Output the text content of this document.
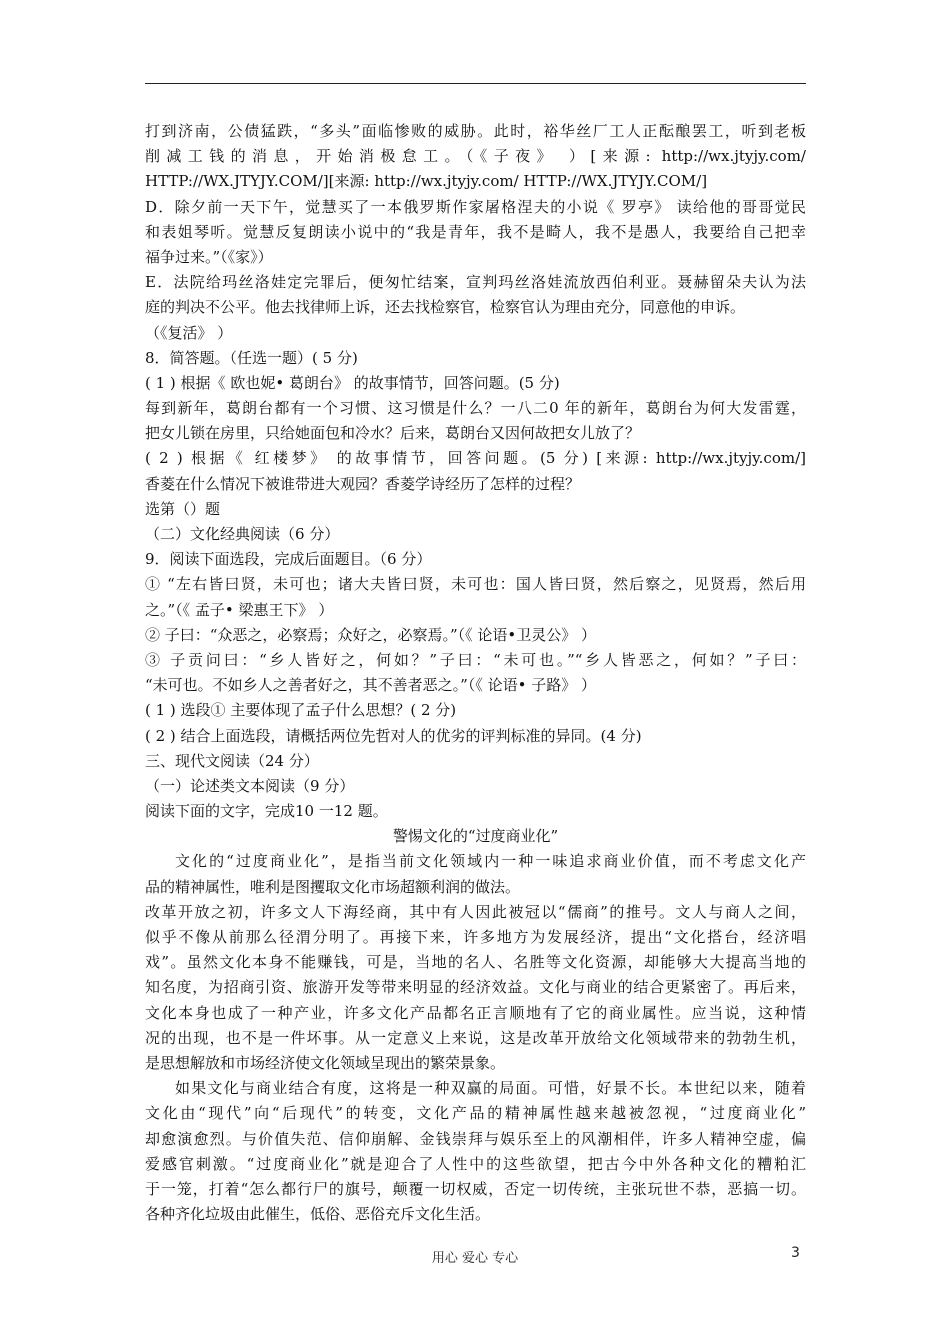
打到济南，公债猛跌，“多头”面临惨败的威胁。此时，裕华丝厂工人正酝酿罢工，听到老板
削减工钱的消息，开始消极怠工。（《子夜》 ）[来源: http://wx.jtyjy.com/
HTTP://WX.JTYJY.COM/][来源: http://wx.jtyjy.com/ HTTP://WX.JTYJY.COM/]
D．除夕前一天下午，觉慧买了一本俄罗斯作家屠格涅夫的小说《 罗亭》 读给他的哥哥觉民
和表姐琴听。觉慧反复朗读小说中的“我是青年，我不是畸人，我不是愚人，我要给自己把幸
福争过来。”（《家》）
E．法院给玛丝洛娃定完罪后，便匆忙结案，宣判玛丝洛娃流放西伯利亚。聂赫留朵夫认为法
庭的判决不公平。他去找律师上诉，还去找检察官，检察官认为理由充分，同意他的申诉。
（《复活》 ）
8．简答题。（任选一题）( 5 分)
( 1 ) 根据《 欧也妮• 葛朗台》 的故事情节，回答问题。(5 分)
每到新年，葛朗台都有一个习惯、这习惯是什么？一八二0 年的新年，葛朗台为何大发雷霆，
把女儿锁在房里，只给她面包和冷水？后来，葛朗台又因何故把女儿放了？
( 2 ) 根据《 红楼梦》 的故事情节，回答问题。(5 分) [来源: http://wx.jtyjy.com/]
香菱在什么情况下被谁带进大观园？香菱学诗经历了怎样的过程？
选第（）题
（二）文化经典阅读（6 分）
9．阅读下面选段，完成后面题目。（6 分）
① “左右皆曰贤，未可也；诸大夫皆曰贤，未可也：国人皆曰贤，然后察之，见贤焉，然后用
之。”（《 孟子• 梁惠王下》 ）
② 子曰：“众恶之，必察焉；众好之，必察焉。”（《 论语•卫灵公》 ）
③ 子贡问曰：“乡人皆好之，何如？”子曰：“未可也。”“乡人皆恶之，何如？”子曰：
“未可也。不如乡人之善者好之，其不善者恶之。”（《 论语• 子路》 ）
( 1 ) 选段① 主要体现了孟子什么思想？( 2 分)
( 2 ) 结合上面选段，请概括两位先哲对人的优劣的评判标准的异同。(4 分)
三、现代文阅读（24 分）
（一）论述类文本阅读（9 分）
阅读下面的文字，完成10 一12 题。
警惕文化的“过度商业化”
文化的“过度商业化”，是指当前文化领域内一种一味追求商业价值，而不考虑文化产
品的精神属性，唯利是图攫取文化市场超额利润的做法。
改革开放之初，许多文人下海经商，其中有人因此被冠以“儒商”的推号。文人与商人之间，
似乎不像从前那么径渭分明了。再接下来，许多地方为发展经济，提出“文化搭台，经济唱
戏”。虽然文化本身不能赚钱，可是，当地的名人、名胜等文化资源，却能够大大提高当地的
知名度，为招商引资、旅游开发等带来明显的经济效益。文化与商业的结合更紧密了。再后来，
文化本身也成了一种产业，许多文化产品都名正言顺地有了它的商业属性。应当说，这种情
况的出现，也不是一件坏事。从一定意义上来说，这是改革开放给文化领域带来的勃勃生机，
是思想解放和市场经济使文化领域呈现出的繁荣景象。
如果文化与商业结合有度，这将是一种双赢的局面。可惜，好景不长。本世纪以来，随着
文化由“现代”向“后现代”的转变，文化产品的精神属性越来越被忽视，“过度商业化”
却愈演愈烈。与价值失范、信仰崩解、金钱崇拜与娱乐至上的风潮相伴，许多人精神空虚，偏
爱感官刺激。“过度商业化”就是迎合了人性中的这些欲望，把古今中外各种文化的糟粕汇
于一笼，打着“怎么都行尸的旗号，颠覆一切权威，否定一切传统，主张玩世不恭，恶搞一切。
各种齐化垃圾由此催生，低俗、恶俗充斥文化生活。
用心 爱心 专心	3
